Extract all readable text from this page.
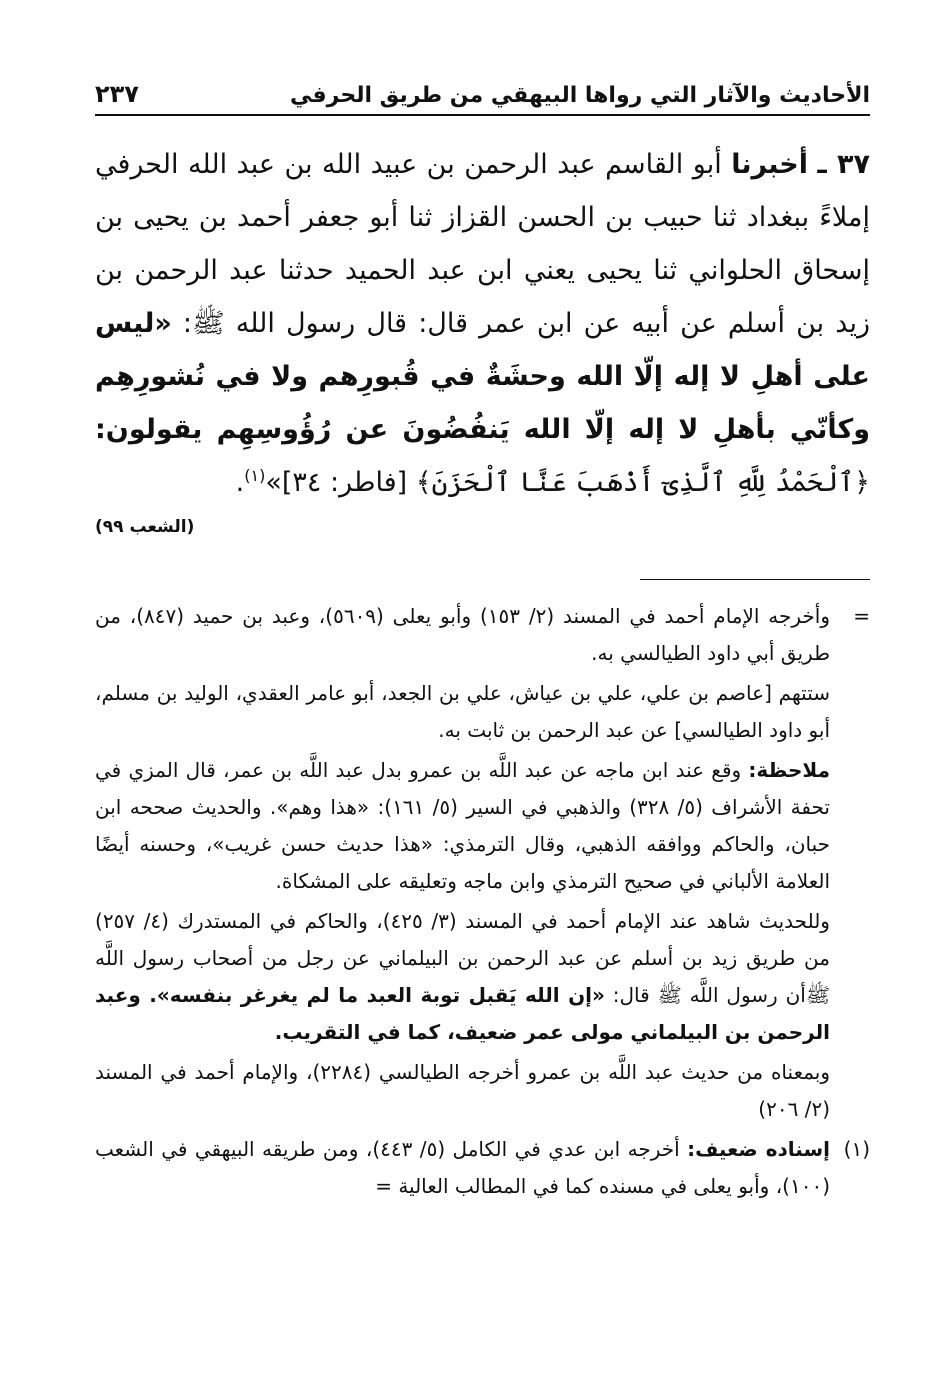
الأحاديث والآثار التي رواها البيهقي من طريق الحرفي
٢٣٧
٣٧ ـ أخبرنا أبو القاسم عبد الرحمن بن عبيد الله بن عبد الله الحرفي إملاءً ببغداد ثنا حبيب بن الحسن القزاز ثنا أبو جعفر أحمد بن يحيى بن إسحاق الحلواني ثنا يحيى يعني ابن عبد الحميد حدثنا عبد الرحمن بن زيد بن أسلم عن أبيه عن ابن عمر قال: قال رسول الله ﷺ: «ليس على أهلِ لا إله إلّا الله وحشَةٌ في قُبورِهم ولا في نُشورِهِم وكأنّي بأهلِ لا إله إلّا الله يَنفُضُونَ عن رُؤُوسِهِم يقولون: ﴿ٱلْحَمْدُ لِلَّهِ ٱلَّذِىٓ أَذْهَبَ عَنَّا ٱلْحَزَنَ﴾ [فاطر: ٣٤]»$^{(١)}$.
(الشعب ٩٩)
=

وأخرجه الإمام أحمد في المسند (٢/ ١٥٣) وأبو يعلى (٥٦٠٩)، وعبد بن حميد (٨٤٧)، من طريق أبي داود الطيالسي به.

ستتهم [عاصم بن علي، علي بن عياش، علي بن الجعد، أبو عامر العقدي، الوليد بن مسلم، أبو داود الطيالسي] عن عبد الرحمن بن ثابت به.

ملاحظة: وقع عند ابن ماجه عن عبد اللَّه بن عمرو بدل عبد اللَّه بن عمر، قال المزي في تحفة الأشراف (٥/ ٣٢٨) والذهبي في السير (٥/ ١٦١): «هذا وهم». والحديث صححه ابن حبان، والحاكم ووافقه الذهبي، وقال الترمذي: «هذا حديث حسن غريب»، وحسنه أيضًا العلامة الألباني في صحيح الترمذي وابن ماجه وتعليقه على المشكاة.

وللحديث شاهد عند الإمام أحمد في المسند (٣/ ٤٢٥)، والحاكم في المستدرك (٤/ ٢٥٧) من طريق زيد بن أسلم عن عبد الرحمن بن البيلماني عن رجل من أصحاب رسول اللَّه ﷺأن رسول اللَّه ﷺ قال: «إن الله يَقبل توبة العبد ما لم يغرغر بنفسه». وعبد الرحمن بن البيلماني مولى عمر ضعيف، كما في التقريب.

وبمعناه من حديث عبد اللَّه بن عمرو أخرجه الطيالسي (٢٢٨٤)، والإمام أحمد في المسند (٢/ ٢٠٦)

(١)

إسناده ضعيف: أخرجه ابن عدي في الكامل (٥/ ٤٤٣)، ومن طريقه البيهقي في الشعب (١٠٠)، وأبو يعلى في مسنده كما في المطالب العالية =
